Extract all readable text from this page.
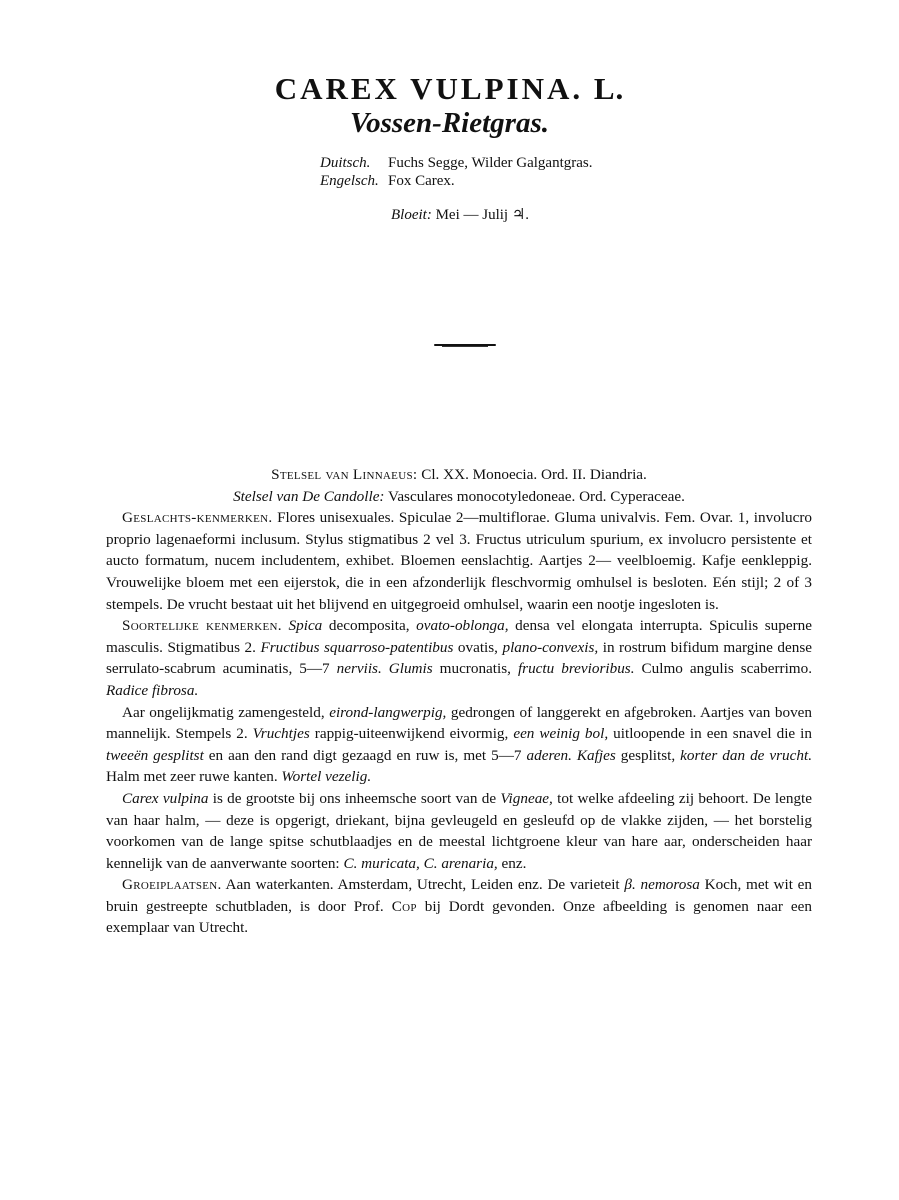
CAREX VULPINA. L.
Vossen-Rietgras.
Duitsch. Fuchs Segge, Wilder Galgantgras.
Engelsch. Fox Carex.
Bloeit: Mei — Julij ♃.

Stelsel van Linnaeus: Cl. XX. Monoecia. Ord. II. Diandria.

Stelsel van De Candolle: Vasculares monocotyledoneae. Ord. Cyperaceae.

Geslachts-kenmerken. Flores unisexuales. Spiculae 2—multiflorae. Gluma univalvis. Fem. Ovar. 1, involucro proprio lagenaeformi inclusum. Stylus stigmatibus 2 vel 3. Fructus utriculum spurium, ex involucro persistente et aucto formatum, nucem includentem, exhibet. Bloemen eenslachtig. Aartjes 2— veelbloemig. Kafje eenkleppig. Vrouwelijke bloem met een eijerstok, die in een afzonderlijk fleschvormig omhulsel is besloten. Eén stijl; 2 of 3 stempels. De vrucht bestaat uit het blijvend en uitgegroeid omhulsel, waarin een nootje ingesloten is.

Soortelijke kenmerken. Spica decomposita, ovato-oblonga, densa vel elongata interrupta. Spiculis superne masculis. Stigmatibus 2. Fructibus squarroso-patentibus ovatis, plano-convexis, in rostrum bifidum margine dense serrulato-scabrum acuminatis, 5—7 nerviis. Glumis mucronatis, fructu brevioribus. Culmo angulis scaberrimo. Radice fibrosa.

Aar ongelijkmatig zamengesteld, eirond-langwerpig, gedrongen of langgerekt en afgebroken. Aartjes van boven mannelijk. Stempels 2. Vruchtjes rappig-uiteenwijkend eivormig, een weinig bol, uitloopende in een snavel die in tweeën gesplitst en aan den rand digt gezaagd en ruw is, met 5—7 aderen. Kafjes gesplitst, korter dan de vrucht. Halm met zeer ruwe kanten. Wortel vezelig.

Carex vulpina is de grootste bij ons inheemsche soort van de Vigneae, tot welke afdeeling zij behoort. De lengte van haar halm, — deze is opgerigt, driekant, bijna gevleugeld en gesleufd op de vlakke zijden, — het borstelig voorkomen van de lange spitse schutblaadjes en de meestal lichtgroene kleur van hare aar, onderscheiden haar kennelijk van de aanverwante soorten: C. muricata, C. arenaria, enz.

Groeiplaatsen. Aan waterkanten. Amsterdam, Utrecht, Leiden enz. De varieteit β. nemorosa Koch, met wit en bruin gestreepte schutbladen, is door Prof. Cop bij Dordt gevonden. Onze afbeelding is genomen naar een exemplaar van Utrecht.
